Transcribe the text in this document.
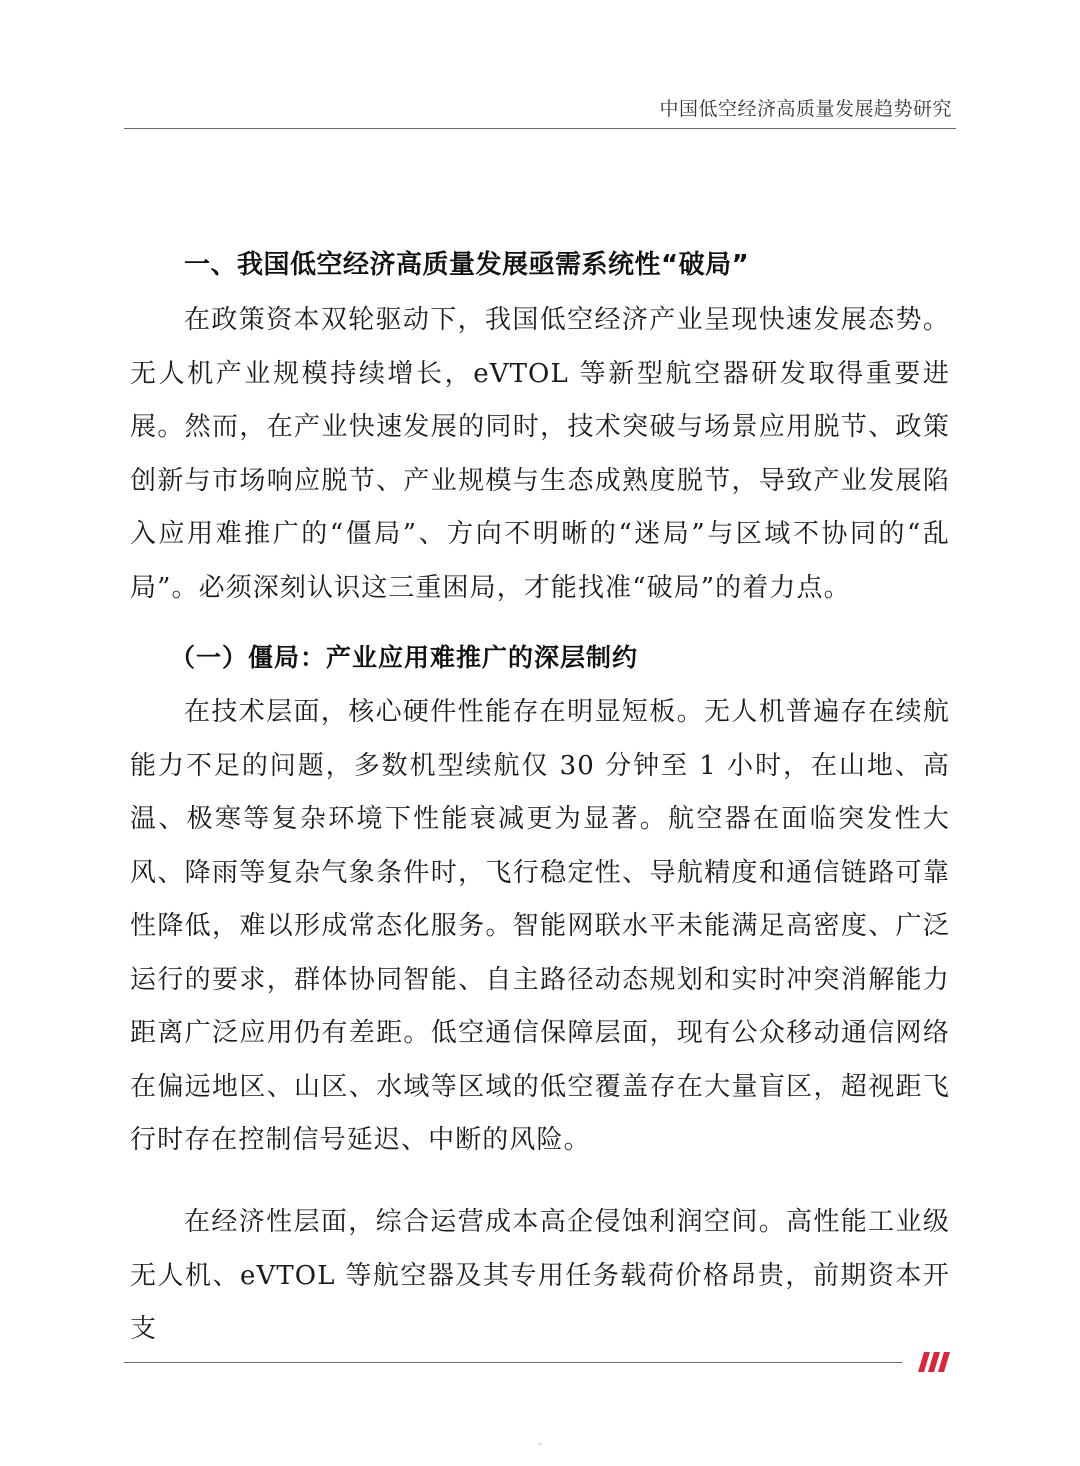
中国低空经济高质量发展趋势研究
一、我国低空经济高质量发展亟需系统性“破局”

在政策资本双轮驱动下，我国低空经济产业呈现快速发展态势。无人机产业规模持续增长，eVTOL 等新型航空器研发取得重要进展。然而，在产业快速发展的同时，技术突破与场景应用脱节、政策创新与市场响应脱节、产业规模与生态成熟度脱节，导致产业发展陷入应用难推广的“僵局”、方向不明晰的“迷局”与区域不协同的“乱局”。必须深刻认识这三重困局，才能找准“破局”的着力点。

（一）僵局：产业应用难推广的深层制约

在技术层面，核心硬件性能存在明显短板。无人机普遍存在续航能力不足的问题，多数机型续航仅 30 分钟至 1 小时，在山地、高温、极寒等复杂环境下性能衰减更为显著。航空器在面临突发性大风、降雨等复杂气象条件时，飞行稳定性、导航精度和通信链路可靠性降低，难以形成常态化服务。智能网联水平未能满足高密度、广泛运行的要求，群体协同智能、自主路径动态规划和实时冲突消解能力距离广泛应用仍有差距。低空通信保障层面，现有公众移动通信网络在偏远地区、山区、水域等区域的低空覆盖存在大量盲区，超视距飞行时存在控制信号延迟、中断的风险。

在经济性层面，综合运营成本高企侵蚀利润空间。高性能工业级无人机、eVTOL 等航空器及其专用任务载荷价格昂贵，前期资本开支
